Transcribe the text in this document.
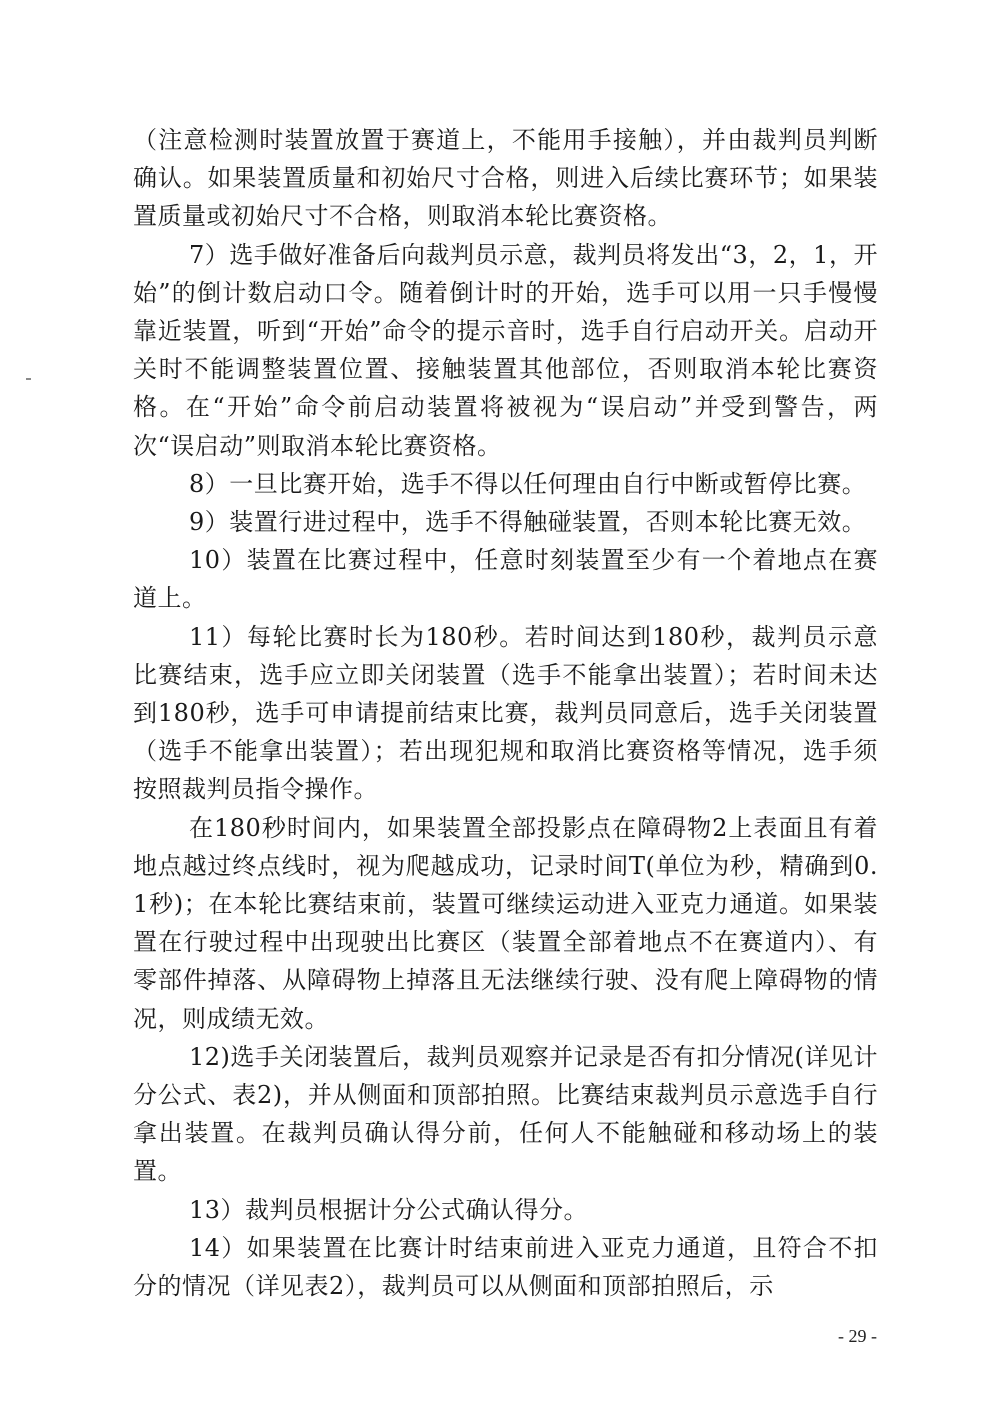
（注意检测时装置放置于赛道上，不能用手接触），并由裁判员判断确认。如果装置质量和初始尺寸合格，则进入后续比赛环节；如果装置质量或初始尺寸不合格，则取消本轮比赛资格。

7）选手做好准备后向裁判员示意，裁判员将发出“3，2，1，开始”的倒计数启动口令。随着倒计时的开始，选手可以用一只手慢慢靠近装置，听到“开始”命令的提示音时，选手自行启动开关。启动开关时不能调整装置位置、接触装置其他部位，否则取消本轮比赛资格。在“开始”命令前启动装置将被视为“误启动”并受到警告，两次“误启动”则取消本轮比赛资格。

8）一旦比赛开始，选手不得以任何理由自行中断或暂停比赛。

9）装置行进过程中，选手不得触碰装置，否则本轮比赛无效。

10）装置在比赛过程中，任意时刻装置至少有一个着地点在赛道上。

11）每轮比赛时长为180秒。若时间达到180秒，裁判员示意比赛结束，选手应立即关闭装置（选手不能拿出装置）；若时间未达到180秒，选手可申请提前结束比赛，裁判员同意后，选手关闭装置（选手不能拿出装置）；若出现犯规和取消比赛资格等情况，选手须按照裁判员指令操作。

在180秒时间内，如果装置全部投影点在障碍物2上表面且有着地点越过终点线时，视为爬越成功，记录时间T(单位为秒，精确到0.1秒)；在本轮比赛结束前，装置可继续运动进入亚克力通道。如果装置在行驶过程中出现驶出比赛区（装置全部着地点不在赛道内）、有零部件掉落、从障碍物上掉落且无法继续行驶、没有爬上障碍物的情况，则成绩无效。

12)选手关闭装置后，裁判员观察并记录是否有扣分情况(详见计分公式、表2)，并从侧面和顶部拍照。比赛结束裁判员示意选手自行拿出装置。在裁判员确认得分前，任何人不能触碰和移动场上的装置。

13）裁判员根据计分公式确认得分。

14）如果装置在比赛计时结束前进入亚克力通道，且符合不扣分的情况（详见表2），裁判员可以从侧面和顶部拍照后，示

- 29 -
